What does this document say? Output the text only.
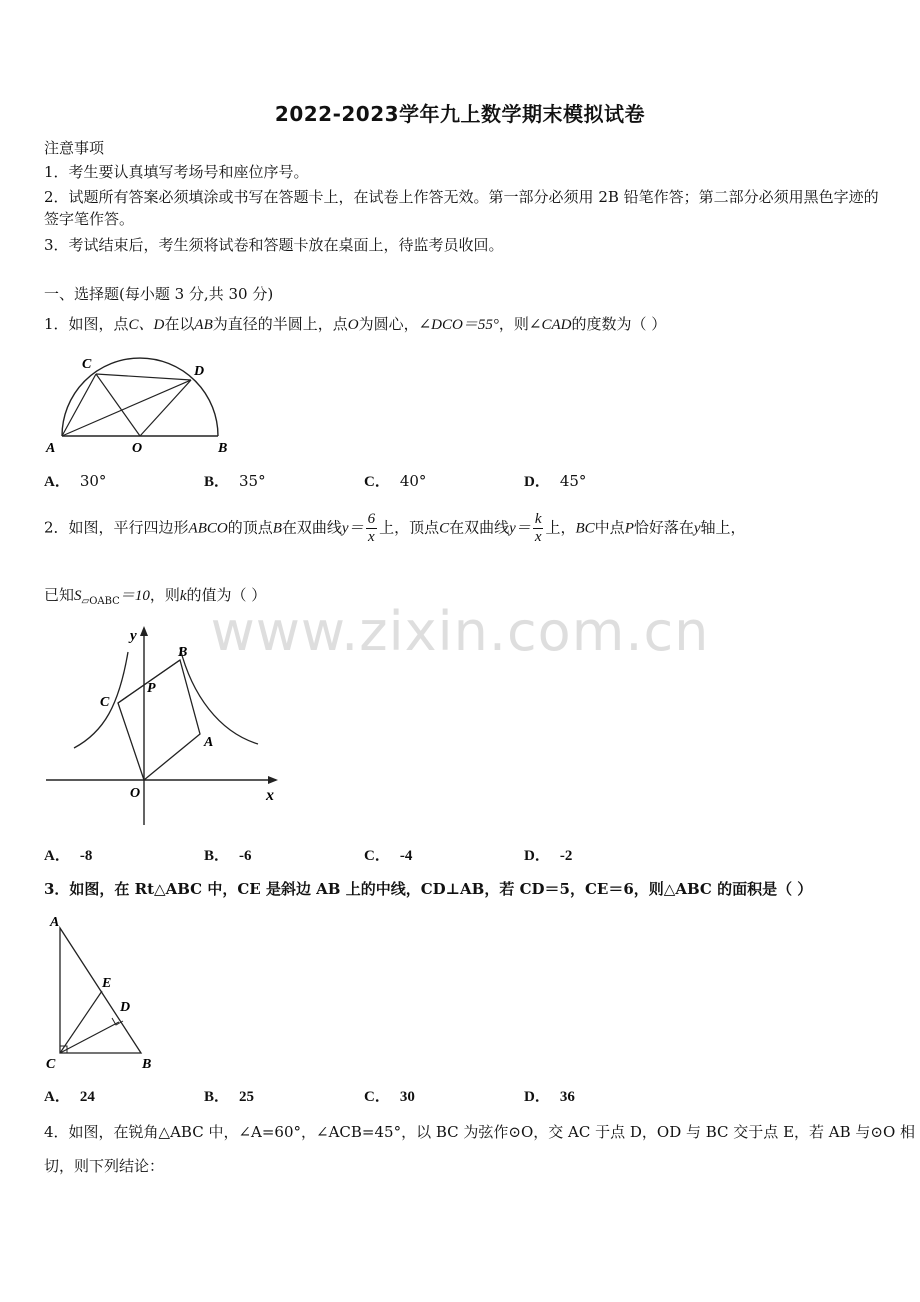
2022-2023学年九上数学期末模拟试卷
注意事项
1．考生要认真填写考场号和座位序号。
2．试题所有答案必须填涂或书写在答题卡上，在试卷上作答无效。第一部分必须用 2B 铅笔作答；第二部分必须用黑色字迹的签字笔作答。
3．考试结束后，考生须将试卷和答题卡放在桌面上，待监考员收回。
一、选择题(每小题 3 分,共 30 分)
1．如图，点C、D在以AB为直径的半圆上，点O为圆心，∠DCO＝55°，则∠CAD的度数为（ ）
C	D
A	O	B
A． 30°	B． 35°	C． 40°	D． 45°
2．如图，平行四边形ABCO的顶点B在双曲线$y= \frac{6}{x}$ 上，顶点C在双曲线$y= \frac{k}{x}$ 上，BC中点P恰好落在y轴上，
已知$S_{▱OABC}=10$，则k的值为（ ）
y
B
P
C
A
O	x
A． -8	B． -6	C． -4	D． -2
3．如图，在 Rt△ABC 中，CE 是斜边 AB 上的中线，CD⊥AB，若 CD＝5，CE＝6，则△ABC 的面积是（ ）
A
E
D
C	B
A． 24	B． 25	C． 30	D． 36
4．如图，在锐角△ABC 中，∠A=60°，∠ACB=45°，以 BC 为弦作⊙O，交 AC 于点 D，OD 与 BC 交于点 E，若 AB 与⊙O 相
切，则下列结论：
www.zixin.com.cn
